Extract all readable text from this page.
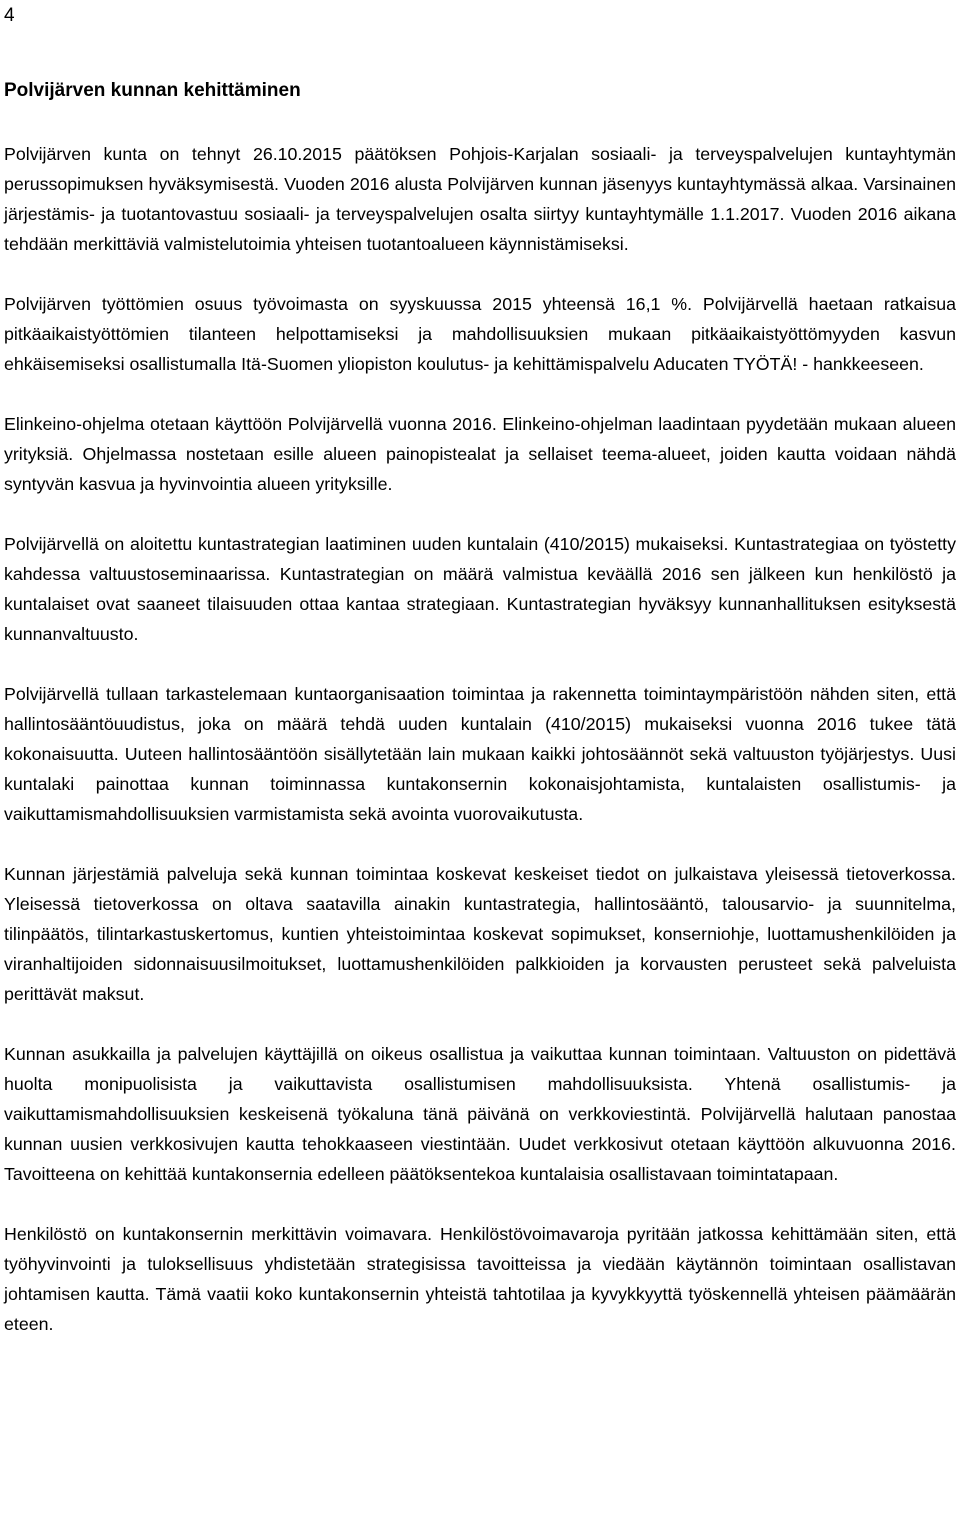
4
Polvijärven kunnan kehittäminen

Polvijärven kunta on tehnyt 26.10.2015 päätöksen Pohjois-Karjalan sosiaali- ja terveyspalvelujen kuntayhtymän perussopimuksen hyväksymisestä. Vuoden 2016 alusta Polvijärven kunnan jäsenyys kuntayhtymässä alkaa. Varsinainen järjestämis- ja tuotantovastuu sosiaali- ja terveyspalvelujen osalta siirtyy kuntayhtymälle 1.1.2017. Vuoden 2016 aikana tehdään merkittäviä valmistelutoimia yhteisen tuotantoalueen käynnistämiseksi.

Polvijärven työttömien osuus työvoimasta on syyskuussa 2015 yhteensä 16,1 %. Polvijärvellä haetaan ratkaisua pitkäaikaistyöttömien tilanteen helpottamiseksi ja mahdollisuuksien mukaan pitkäaikaistyöttömyyden kasvun ehkäisemiseksi osallistumalla Itä-Suomen yliopiston koulutus- ja kehittämispalvelu Aducaten TYÖTÄ! - hankkeeseen.

Elinkeino-ohjelma otetaan käyttöön Polvijärvellä vuonna 2016. Elinkeino-ohjelman laadintaan pyydetään mukaan alueen yrityksiä. Ohjelmassa nostetaan esille alueen painopistealat ja sellaiset teema-alueet, joiden kautta voidaan nähdä syntyvän kasvua ja hyvinvointia alueen yrityksille.

Polvijärvellä on aloitettu kuntastrategian laatiminen uuden kuntalain (410/2015) mukaiseksi. Kuntastrategiaa on työstetty kahdessa valtuustoseminaarissa. Kuntastrategian on määrä valmistua keväällä 2016 sen jälkeen kun henkilöstö ja kuntalaiset ovat saaneet tilaisuuden ottaa kantaa strategiaan. Kuntastrategian hyväksyy kunnanhallituksen esityksestä kunnanvaltuusto.

Polvijärvellä tullaan tarkastelemaan kuntaorganisaation toimintaa ja rakennetta toimintaympäristöön nähden siten, että hallintosääntöuudistus, joka on määrä tehdä uuden kuntalain (410/2015) mukaiseksi vuonna 2016 tukee tätä kokonaisuutta. Uuteen hallintosääntöön sisällytetään lain mukaan kaikki johtosäännöt sekä valtuuston työjärjestys. Uusi kuntalaki painottaa kunnan toiminnassa kuntakonsernin kokonaisjohtamista, kuntalaisten osallistumis- ja vaikuttamismahdollisuuksien varmistamista sekä avointa vuorovaikutusta.

Kunnan järjestämiä palveluja sekä kunnan toimintaa koskevat keskeiset tiedot on julkaistava yleisessä tietoverkossa. Yleisessä tietoverkossa on oltava saatavilla ainakin kuntastrategia, hallintosääntö, talousarvio- ja suunnitelma, tilinpäätös, tilintarkastuskertomus, kuntien yhteistoimintaa koskevat sopimukset, konserniohje, luottamushenkilöiden ja viranhaltijoiden sidonnaisuusilmoitukset, luottamushenkilöiden palkkioiden ja korvausten perusteet sekä palveluista perittävät maksut.

Kunnan asukkailla ja palvelujen käyttäjillä on oikeus osallistua ja vaikuttaa kunnan toimintaan. Valtuuston on pidettävä huolta monipuolisista ja vaikuttavista osallistumisen mahdollisuuksista. Yhtenä osallistumis- ja vaikuttamismahdollisuuksien keskeisenä työkaluna tänä päivänä on verkkoviestintä. Polvijärvellä halutaan panostaa kunnan uusien verkkosivujen kautta tehokkaaseen viestintään. Uudet verkkosivut otetaan käyttöön alkuvuonna 2016. Tavoitteena on kehittää kuntakonsernia edelleen päätöksentekoa kuntalaisia osallistavaan toimintatapaan.

Henkilöstö on kuntakonsernin merkittävin voimavara. Henkilöstövoimavaroja pyritään jatkossa kehittämään siten, että työhyvinvointi ja tuloksellisuus yhdistetään strategisissa tavoitteissa ja viedään käytännön toimintaan osallistavan johtamisen kautta. Tämä vaatii koko kuntakonsernin yhteistä tahtotilaa ja kyvykkyyttä työskennellä yhteisen päämäärän eteen.
